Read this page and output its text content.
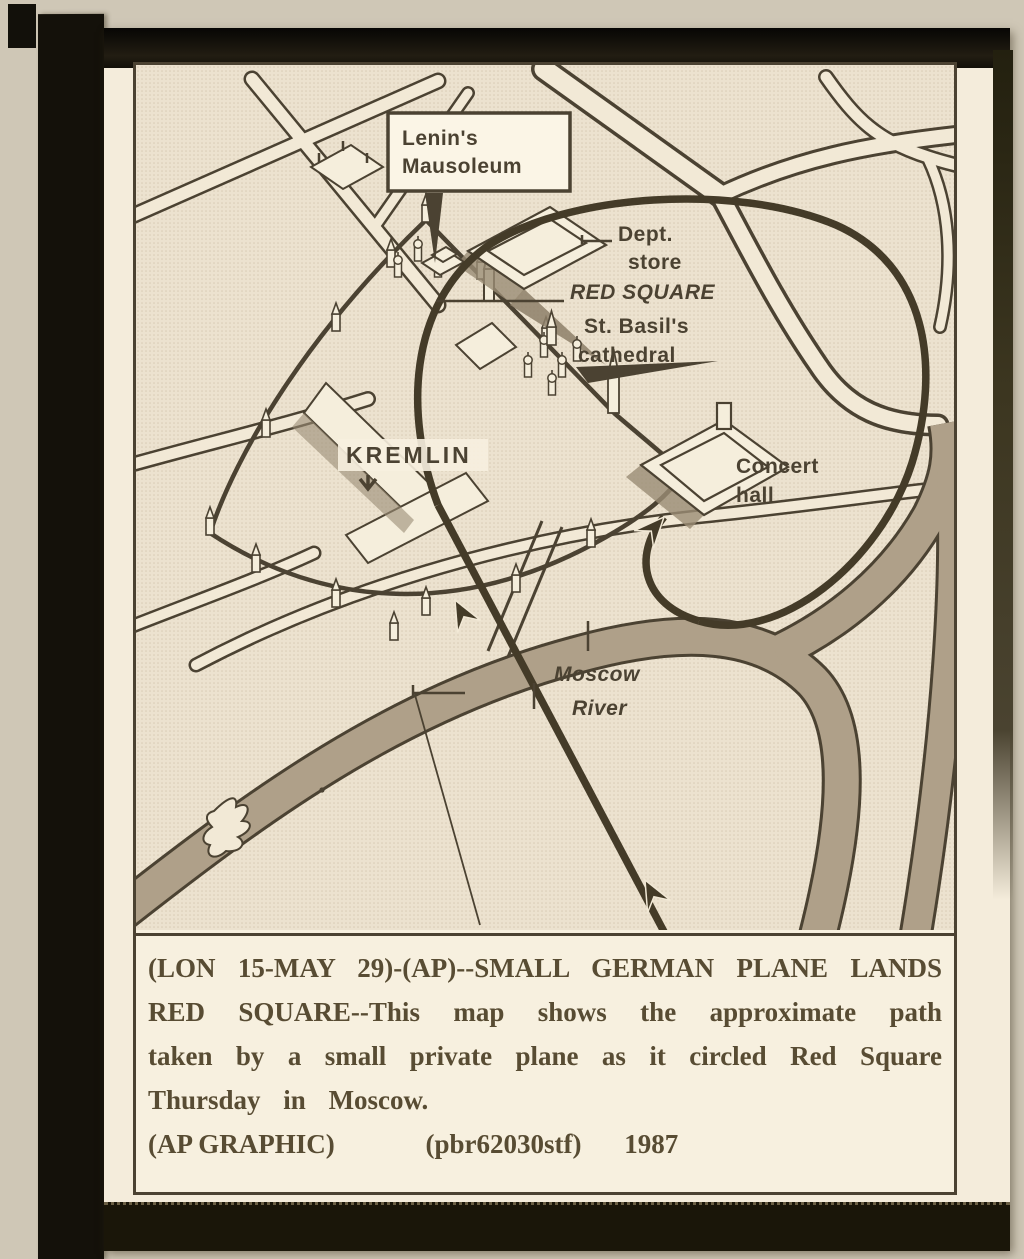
Lenin's
Mausoleum
KREMLIN
Dept.
store
RED SQUARE
St. Basil's
cathedral
Concert
hall
Moscow
River
(LON 15-MAY 29)-(AP)--SMALL GERMAN PLANE LANDS
RED SQUARE--This map shows the approximate path
taken by a small private plane as it circled Red Square
Thursday in Moscow.
(AP GRAPHIC)	(pbr62030stf) 1987
